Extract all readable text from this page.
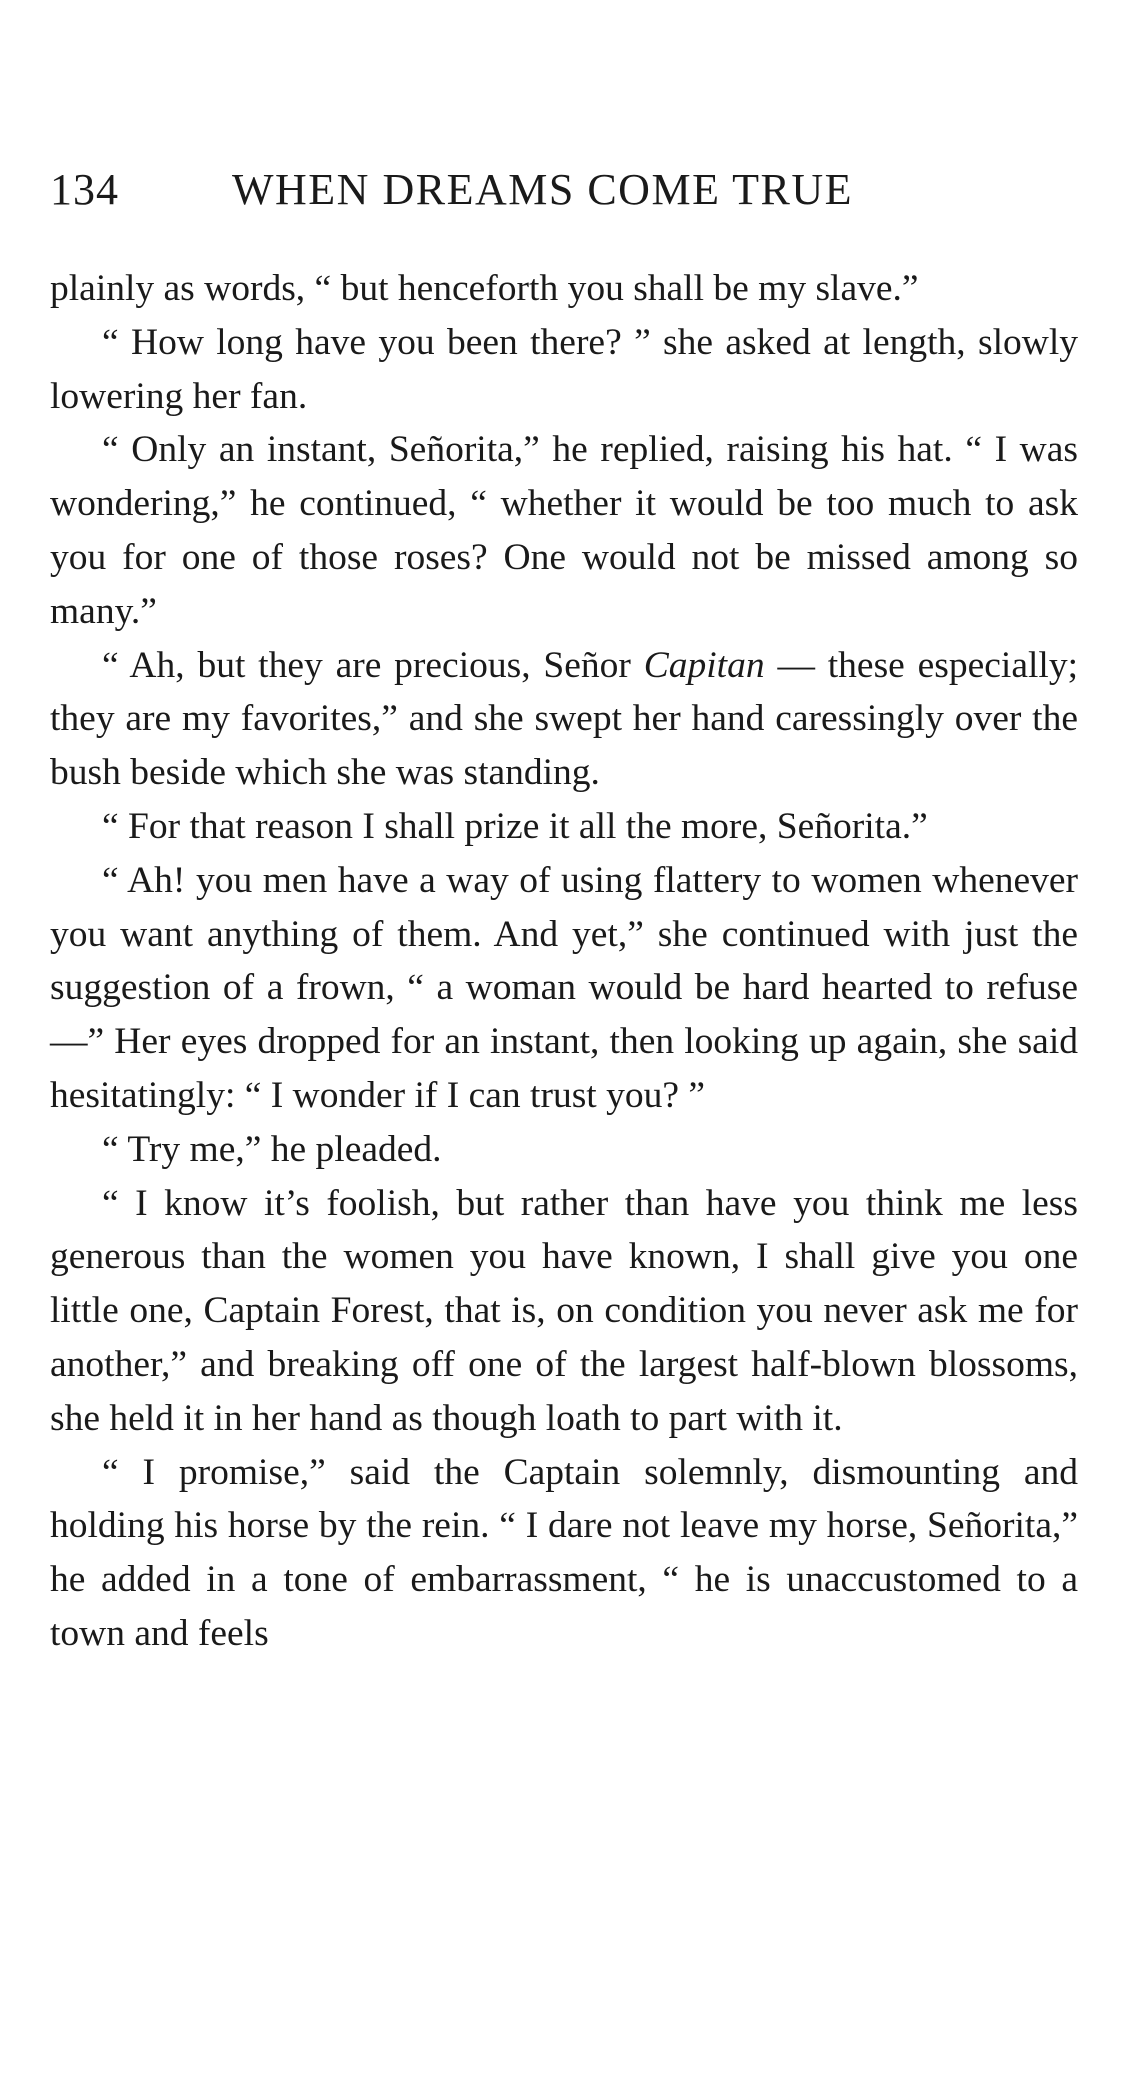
134	WHEN DREAMS COME TRUE

plainly as words, “ but henceforth you shall be my slave.”

“ How long have you been there? ” she asked at length, slowly lowering her fan.

“ Only an instant, Señorita,” he replied, raising his hat. “ I was wondering,” he continued, “ whether it would be too much to ask you for one of those roses? One would not be missed among so many.”

“ Ah, but they are precious, Señor Capitan — these especially; they are my favorites,” and she swept her hand caressingly over the bush beside which she was standing.

“ For that reason I shall prize it all the more, Señorita.”

“ Ah! you men have a way of using flattery to women whenever you want anything of them. And yet,” she continued with just the suggestion of a frown, “ a woman would be hard hearted to refuse —” Her eyes dropped for an instant, then looking up again, she said hesitatingly: “ I wonder if I can trust you? ”

“ Try me,” he pleaded.

“ I know it’s foolish, but rather than have you think me less generous than the women you have known, I shall give you one little one, Captain Forest, that is, on condition you never ask me for another,” and breaking off one of the largest half-blown blossoms, she held it in her hand as though loath to part with it.

“ I promise,” said the Captain solemnly, dismounting and holding his horse by the rein. “ I dare not leave my horse, Señorita,” he added in a tone of embarrassment, “ he is unaccustomed to a town and feels
